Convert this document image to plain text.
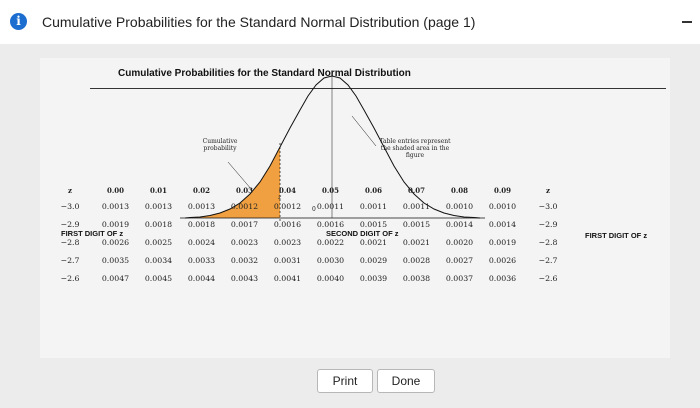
i	Cumulative Probabilities for the Standard Normal Distribution (page 1)
Cumulative Probabilities for the Standard Normal Distribution
Cumulative probability
Table entries represent the shaded area in the figure
z
0
FIRST DIGIT OF z	SECOND DIGIT OF z	FIRST DIGIT OF z
z	0.00	0.01	0.02	0.03	0.04	0.05	0.06	0.07	0.08	0.09	z
−3.0	0.0013	0.0013	0.0013	0.0012	0.0012	0.0011	0.0011	0.0011	0.0010	0.0010	−3.0
−2.9	0.0019	0.0018	0.0018	0.0017	0.0016	0.0016	0.0015	0.0015	0.0014	0.0014	−2.9
−2.8	0.0026	0.0025	0.0024	0.0023	0.0023	0.0022	0.0021	0.0021	0.0020	0.0019	−2.8
−2.7	0.0035	0.0034	0.0033	0.0032	0.0031	0.0030	0.0029	0.0028	0.0027	0.0026	−2.7
−2.6	0.0047	0.0045	0.0044	0.0043	0.0041	0.0040	0.0039	0.0038	0.0037	0.0036	−2.6
Print	Done
